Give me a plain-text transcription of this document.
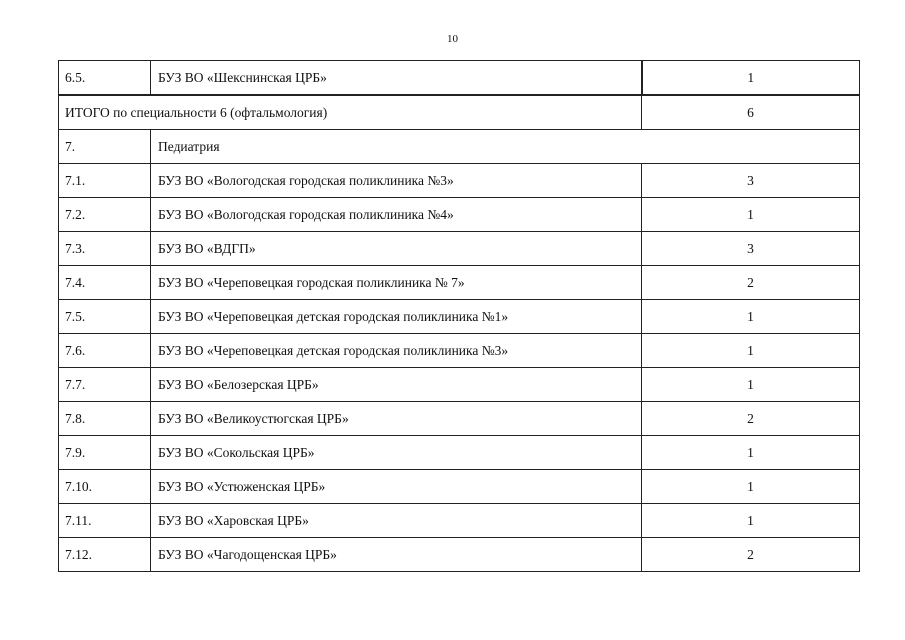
10
6.5.	БУЗ ВО «Шекснинская ЦРБ»	1
ИТОГО по специальности 6 (офтальмология)		6
7.	Педиатрия	
7.1.	БУЗ ВО «Вологодская городская поликлиника №3»	3
7.2.	БУЗ ВО «Вологодская городская поликлиника №4»	1
7.3.	БУЗ ВО «ВДГП»	3
7.4.	БУЗ ВО «Череповецкая городская поликлиника № 7»	2
7.5.	БУЗ ВО «Череповецкая детская городская поликлиника №1»	1
7.6.	БУЗ ВО «Череповецкая детская городская поликлиника №3»	1
7.7.	БУЗ ВО «Белозерская ЦРБ»	1
7.8.	БУЗ ВО «Великоустюгская ЦРБ»	2
7.9.	БУЗ ВО «Сокольская ЦРБ»	1
7.10.	БУЗ ВО «Устюженская ЦРБ»	1
7.11.	БУЗ ВО «Харовская ЦРБ»	1
7.12.	БУЗ ВО «Чагодощенская ЦРБ»	2
